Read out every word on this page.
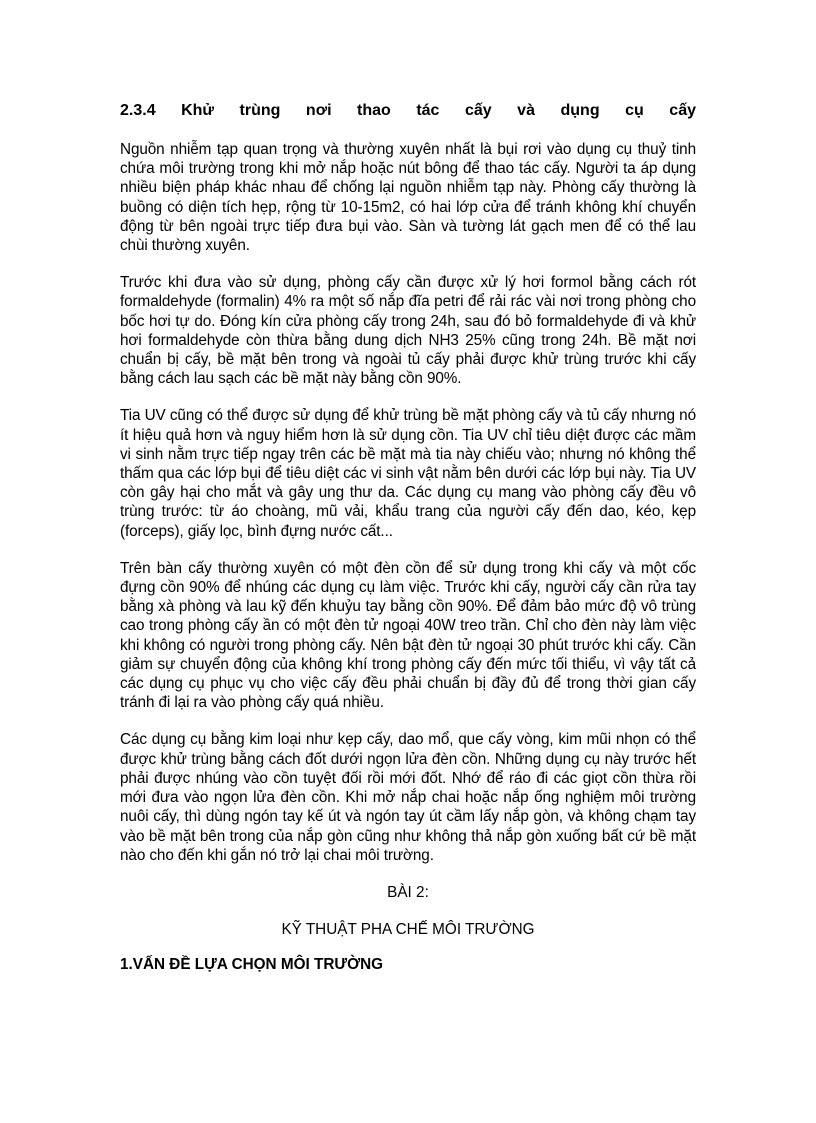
2.3.4 Khử trùng nơi thao tác cấy và dụng cụ cấy

Nguồn nhiễm tạp quan trọng và thường xuyên nhất là bụi rơi vào dụng cụ thuỷ tinh chứa môi trường trong khi mở nắp hoặc nút bông để thao tác cấy. Người ta áp dụng nhiều biện pháp khác nhau để chống lại nguồn nhiễm tạp này. Phòng cấy thường là buồng có diện tích hẹp, rộng từ 10-15m2, có hai lớp cửa để tránh không khí chuyển động từ bên ngoài trực tiếp đưa bụi vào. Sàn và tường lát gạch men để có thể lau chùi thường xuyên.

Trước khi đưa vào sử dụng, phòng cấy cần được xử lý hơi formol bằng cách rót formaldehyde (formalin) 4% ra một số nắp đĩa petri để rải rác vài nơi trong phòng cho bốc hơi tự do. Đóng kín cửa phòng cấy trong 24h, sau đó bỏ formaldehyde đi và khử hơi formaldehyde còn thừa bằng dung dịch NH3 25% cũng trong 24h. Bề mặt nơi chuẩn bị cấy, bề mặt bên trong và ngoài tủ cấy phải được khử trùng trước khi cấy bằng cách lau sạch các bề mặt này bằng cồn 90%.

Tia UV cũng có thể được sử dụng để khử trùng bề mặt phòng cấy và tủ cấy nhưng nó ít hiệu quả hơn và nguy hiểm hơn là sử dụng cồn. Tia UV chỉ tiêu diệt được các mầm vi sinh nằm trực tiếp ngay trên các bề mặt mà tia này chiếu vào; nhưng nó không thể thấm qua các lớp bụi để tiêu diệt các vi sinh vật nằm bên dưới các lớp bụi này. Tia UV còn gây hại cho mắt và gây ung thư da. Các dụng cụ mang vào phòng cấy đều vô trùng trước: từ áo choàng, mũ vải, khẩu trang của người cấy đến dao, kéo, kẹp (forceps), giấy lọc, bình đựng nước cất...

Trên bàn cấy thường xuyên có một đèn cồn để sử dụng trong khi cấy và một cốc đựng cồn 90% để nhúng các dụng cụ làm việc. Trước khi cấy, người cấy cần rửa tay bằng xà phòng và lau kỹ đến khuỷu tay bằng cồn 90%. Để đảm bảo mức độ vô trùng cao trong phòng cấy ần có một đèn tử ngoại 40W treo trần. Chỉ cho đèn này làm việc khi không có người trong phòng cấy. Nên bật đèn tử ngoại 30 phút trước khi cấy. Cần giảm sự chuyển động của không khí trong phòng cấy đến mức tối thiểu, vì vậy tất cả các dụng cụ phục vụ cho việc cấy đều phải chuẩn bị đầy đủ để trong thời gian cấy tránh đi lại ra vào phòng cấy quá nhiều.

Các dụng cụ bằng kim loại như kẹp cấy, dao mổ, que cấy vòng, kim mũi nhọn có thể được khử trùng bằng cách đốt dưới ngọn lửa đèn cồn. Những dụng cụ này trước hết phải được nhúng vào cồn tuyệt đối rồi mới đốt. Nhớ để ráo đi các giọt cồn thừa rồi mới đưa vào ngọn lửa đèn cồn. Khi mở nắp chai hoặc nắp ống nghiệm môi trường nuôi cấy, thì dùng ngón tay kế út và ngón tay út cầm lấy nắp gòn, và không chạm tay vào bề mặt bên trong của nắp gòn cũng như không thả nắp gòn xuống bất cứ bề mặt nào cho đến khi gắn nó trở lại chai môi trường.

BÀI 2:

KỸ THUẬT PHA CHẾ MÔI TRƯỜNG

1.VẤN ĐỀ LỰA CHỌN MÔI TRƯỜNG
